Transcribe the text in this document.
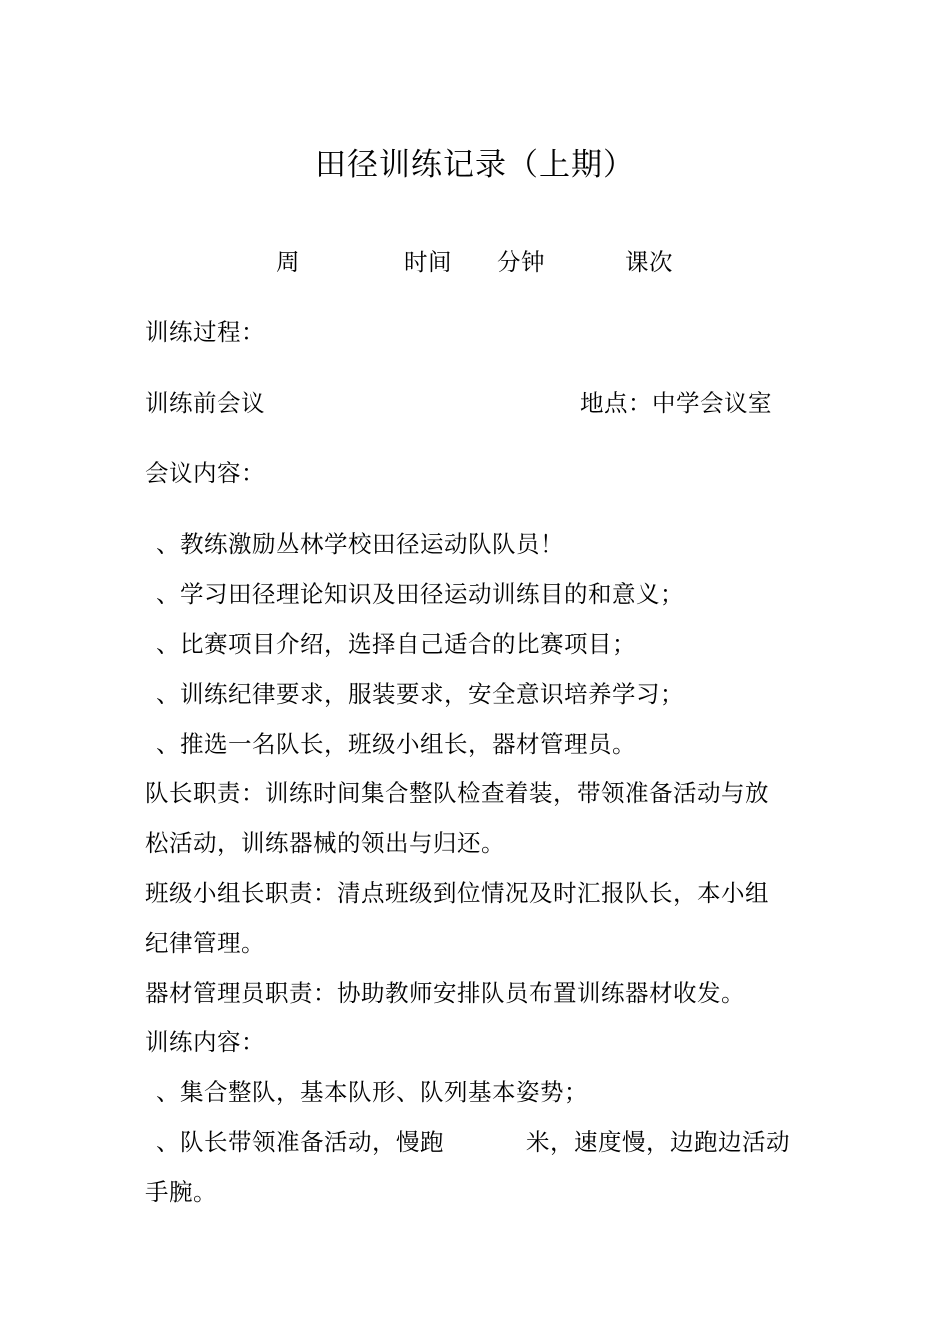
田径训练记录（上期）
周	时间 分钟	课次
训练过程：
训练前会议	地点：中学会议室
会议内容：
、教练激励丛林学校田径运动队队员！
、学习田径理论知识及田径运动训练目的和意义；
、比赛项目介绍，选择自己适合的比赛项目；
、训练纪律要求，服装要求，安全意识培养学习；
、推选一名队长，班级小组长，器材管理员。
队长职责：训练时间集合整队检查着装，带领准备活动与放
松活动，训练器械的领出与归还。
班级小组长职责：清点班级到位情况及时汇报队长，本小组
纪律管理。
器材管理员职责：协助教师安排队员布置训练器材收发。
训练内容：
、集合整队，基本队形、队列基本姿势；
、队长带领准备活动，慢跑	米，速度慢，边跑边活动
手腕。
